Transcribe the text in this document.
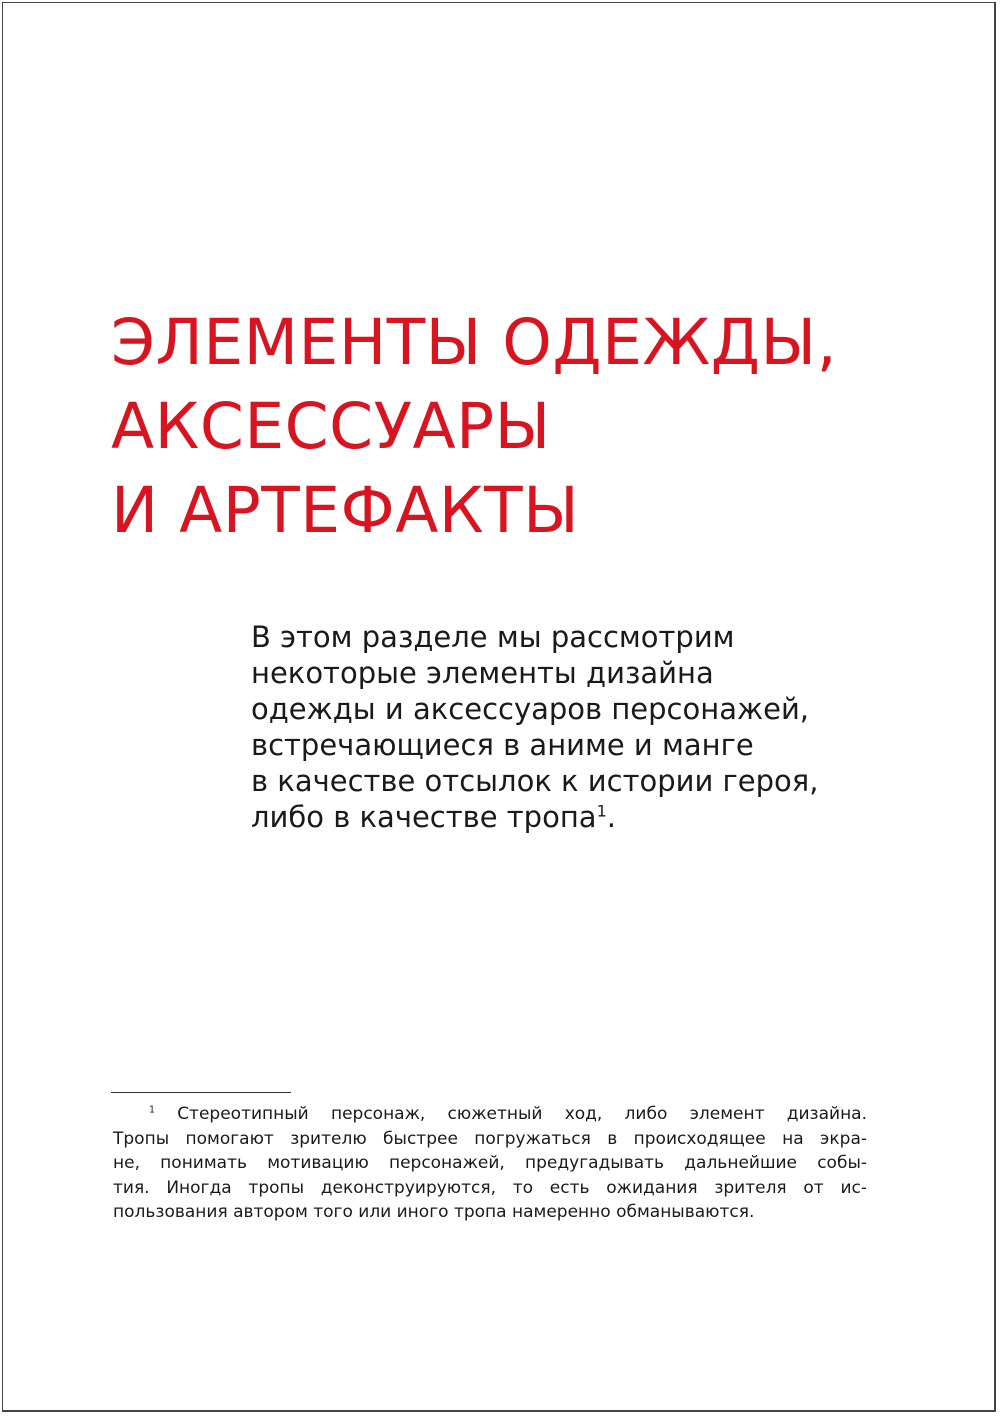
ЭЛЕМЕНТЫ ОДЕЖДЫ,
АКСЕССУАРЫ
И АРТЕФАКТЫ

В этом разделе мы рассмотрим
некоторые элементы дизайна
одежды и аксессуаров персонажей,
встречающиеся в аниме и манге
в качестве отсылок к истории героя,
либо в качестве тропа$^1$.

$^1$ Стереотипный персонаж, сюжетный ход, либо элемент дизайна.
Тропы помогают зрителю быстрее погружаться в происходящее на экра-
не, понимать мотивацию персонажей, предугадывать дальнейшие собы-
тия. Иногда тропы деконструируются, то есть ожидания зрителя от ис-
пользования автором того или иного тропа намеренно обманываются.
